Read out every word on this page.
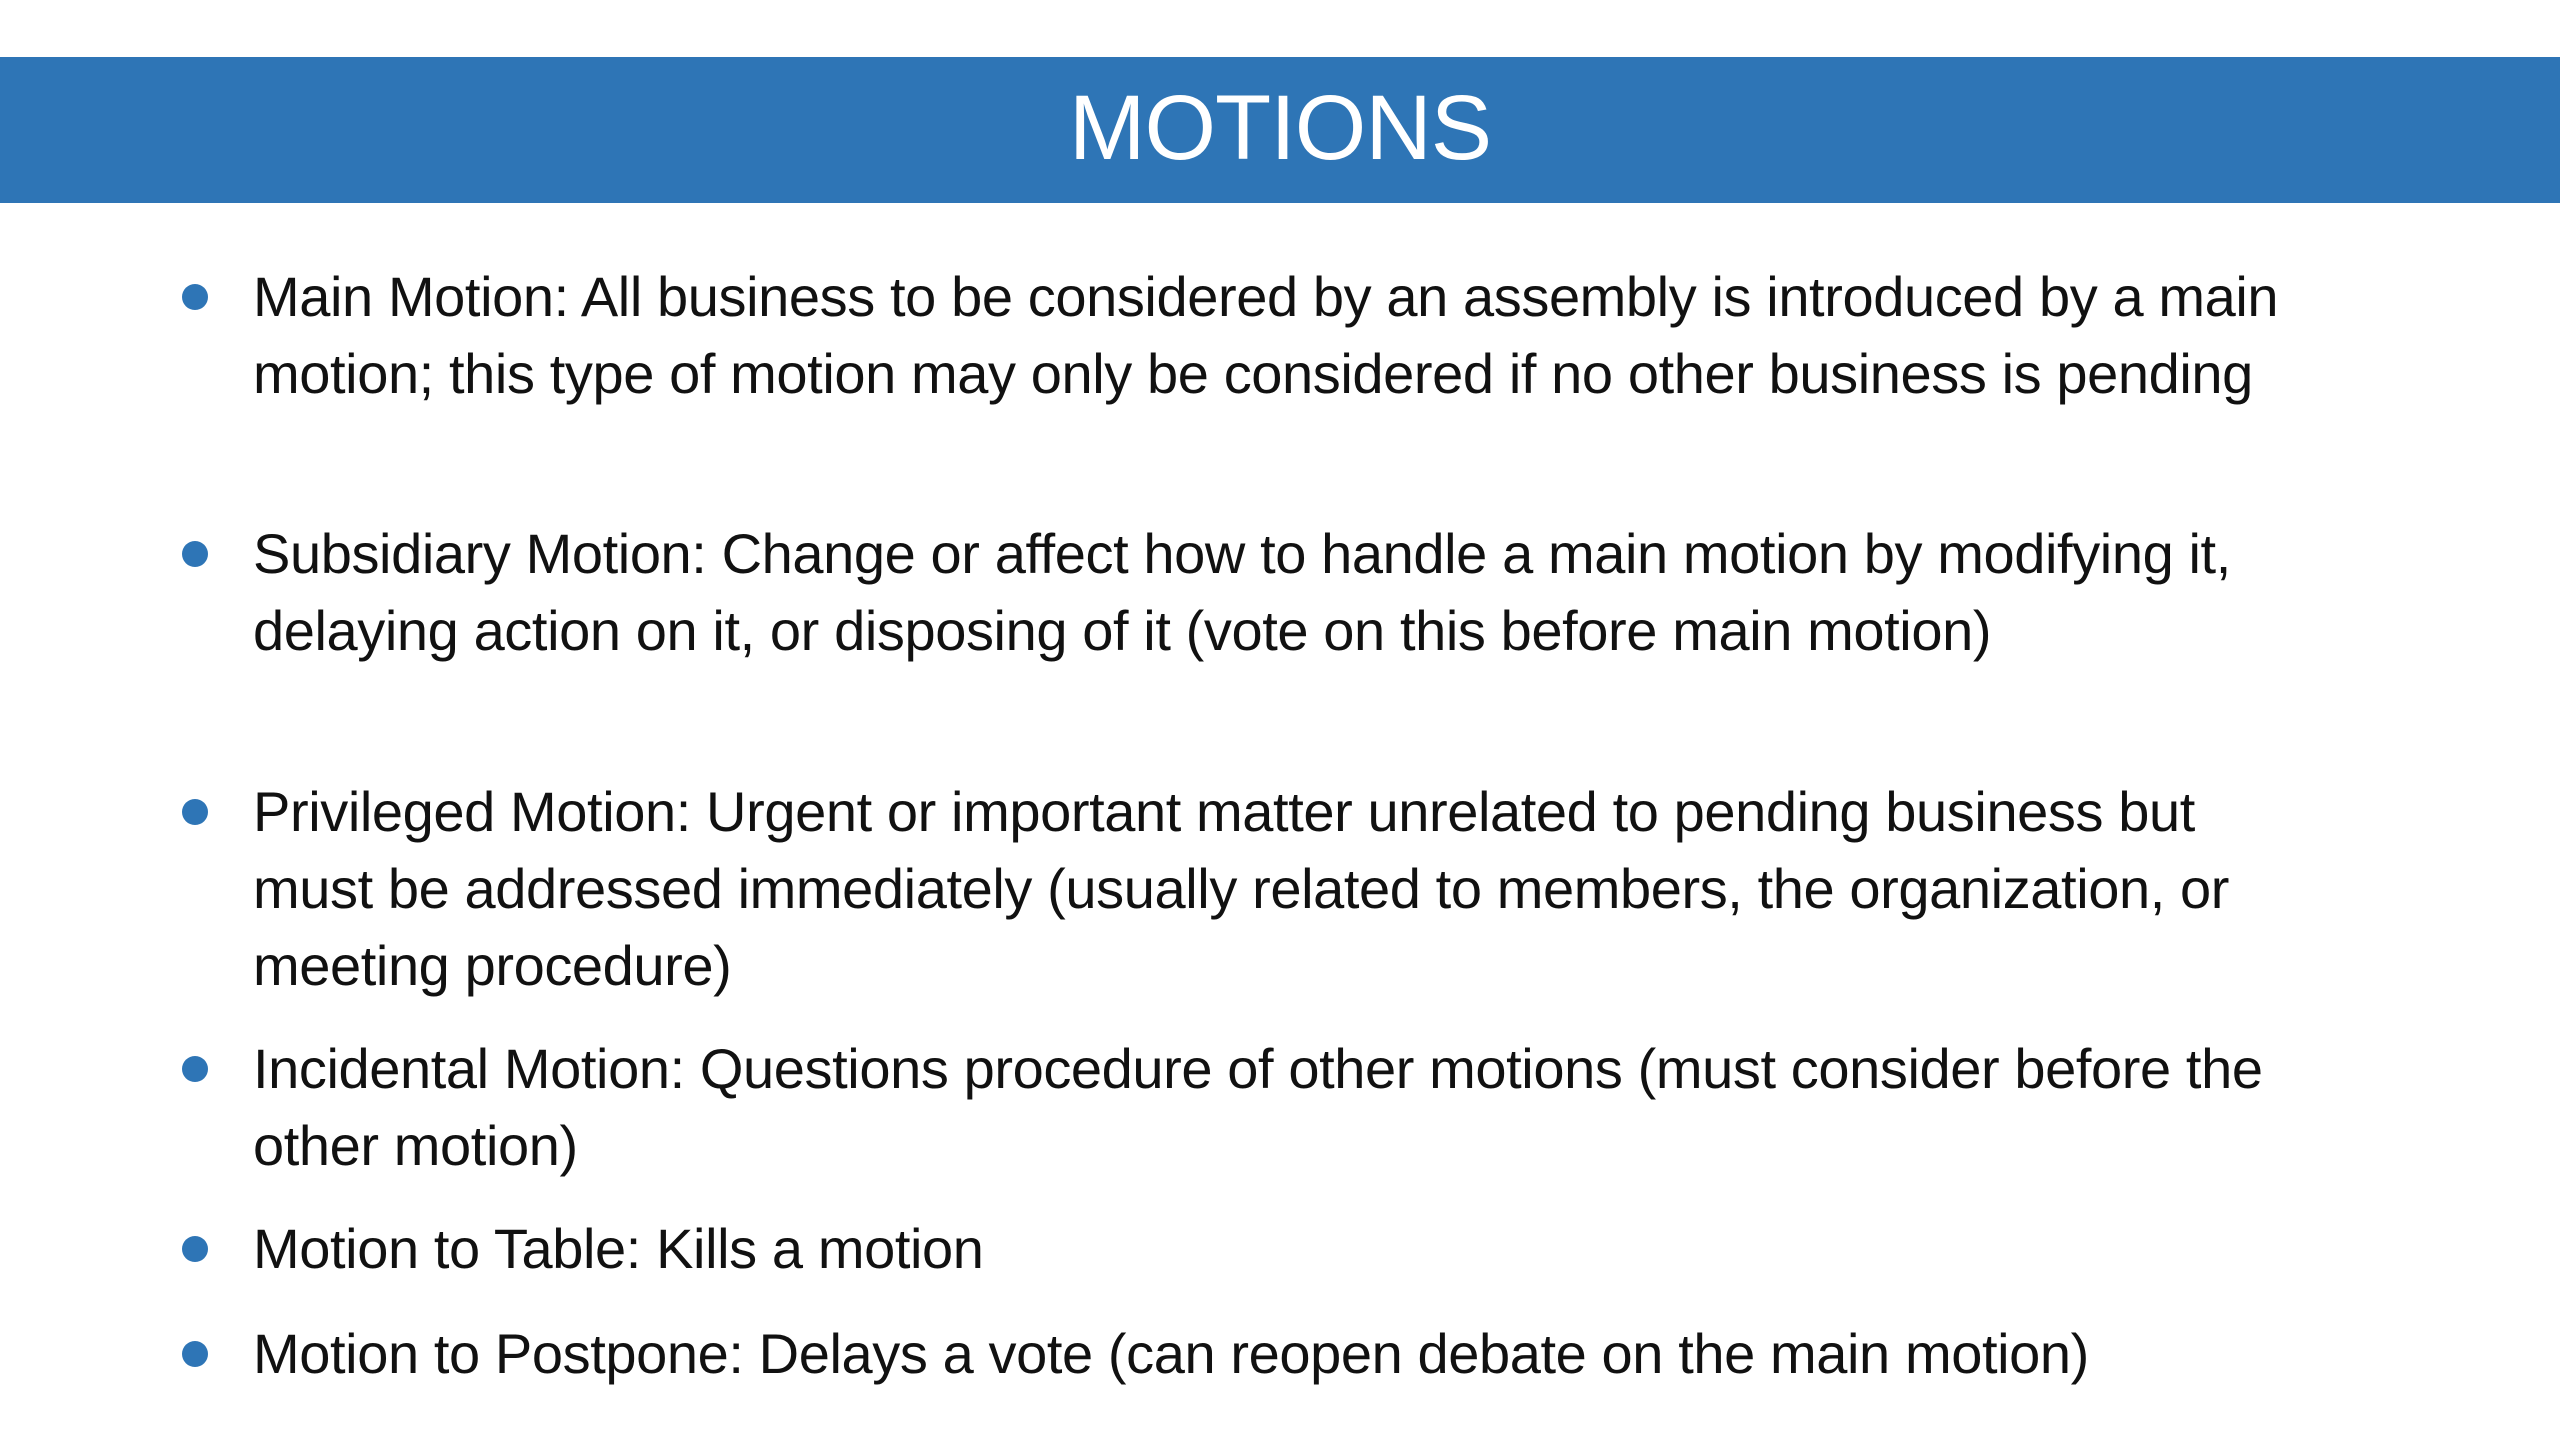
MOTIONS
Main Motion: All business to be considered by an assembly is introduced by a main motion; this type of motion may only be considered if no other business is pending
Subsidiary Motion: Change or affect how to handle a main motion by modifying it, delaying action on it, or disposing of it (vote on this before main motion)
Privileged Motion: Urgent or important matter unrelated to pending business but must be addressed immediately (usually related to members, the organization, or meeting procedure)
Incidental Motion: Questions procedure of other motions (must consider before the other motion)
Motion to Table: Kills a motion
Motion to Postpone: Delays a vote (can reopen debate on the main motion)
